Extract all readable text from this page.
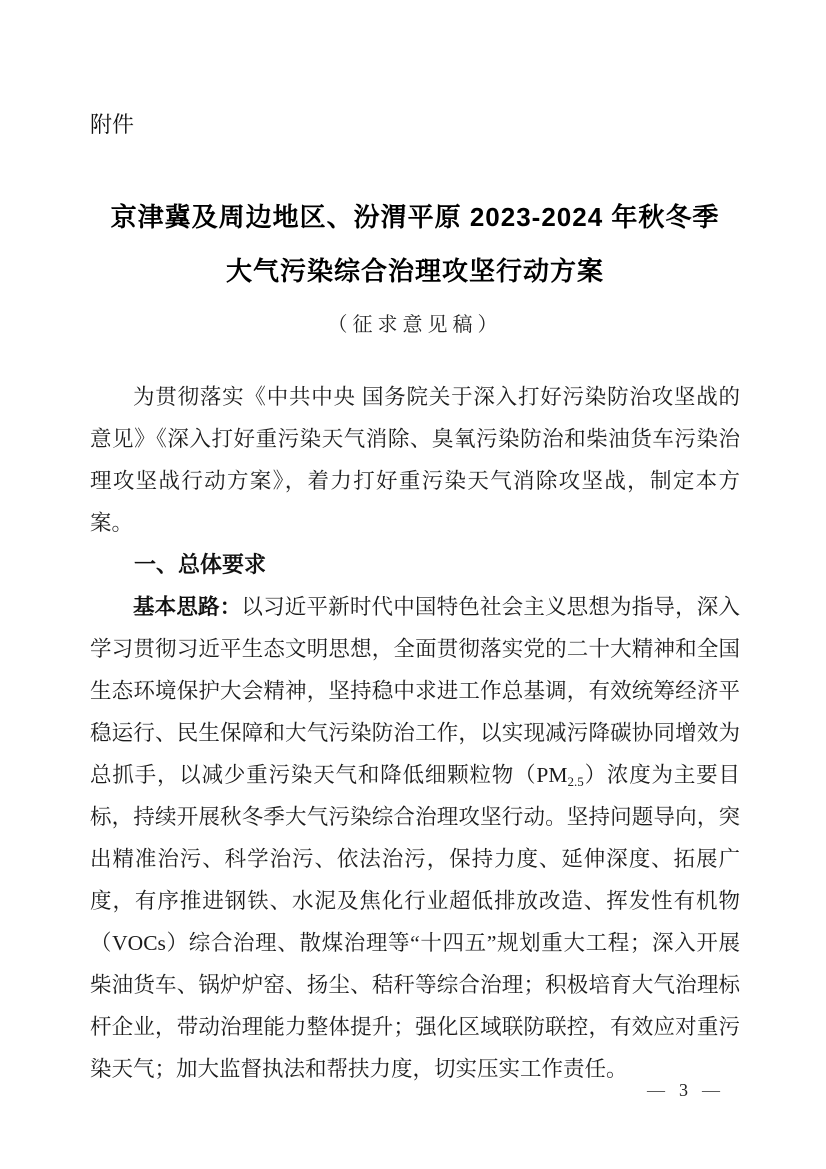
附件
京津冀及周边地区、汾渭平原 2023-2024 年秋冬季
大气污染综合治理攻坚行动方案
（征求意见稿）

为贯彻落实《中共中央 国务院关于深入打好污染防治攻坚战的意见》《深入打好重污染天气消除、臭氧污染防治和柴油货车污染治理攻坚战行动方案》，着力打好重污染天气消除攻坚战，制定本方案。

一、总体要求

基本思路：以习近平新时代中国特色社会主义思想为指导，深入学习贯彻习近平生态文明思想，全面贯彻落实党的二十大精神和全国生态环境保护大会精神，坚持稳中求进工作总基调，有效统筹经济平稳运行、民生保障和大气污染防治工作，以实现减污降碳协同增效为总抓手，以减少重污染天气和降低细颗粒物$(PM_{2.5})$浓度为主要目标，持续开展秋冬季大气污染综合治理攻坚行动。坚持问题导向，突出精准治污、科学治污、依法治污，保持力度、延伸深度、拓展广度，有序推进钢铁、水泥及焦化行业超低排放改造、挥发性有机物（VOCs）综合治理、散煤治理等“十四五”规划重大工程；深入开展柴油货车、锅炉炉窑、扬尘、秸秆等综合治理；积极培育大气治理标杆企业，带动治理能力整体提升；强化区域联防联控，有效应对重污染天气；加大监督执法和帮扶力度，切实压实工作责任。

— 3 —
